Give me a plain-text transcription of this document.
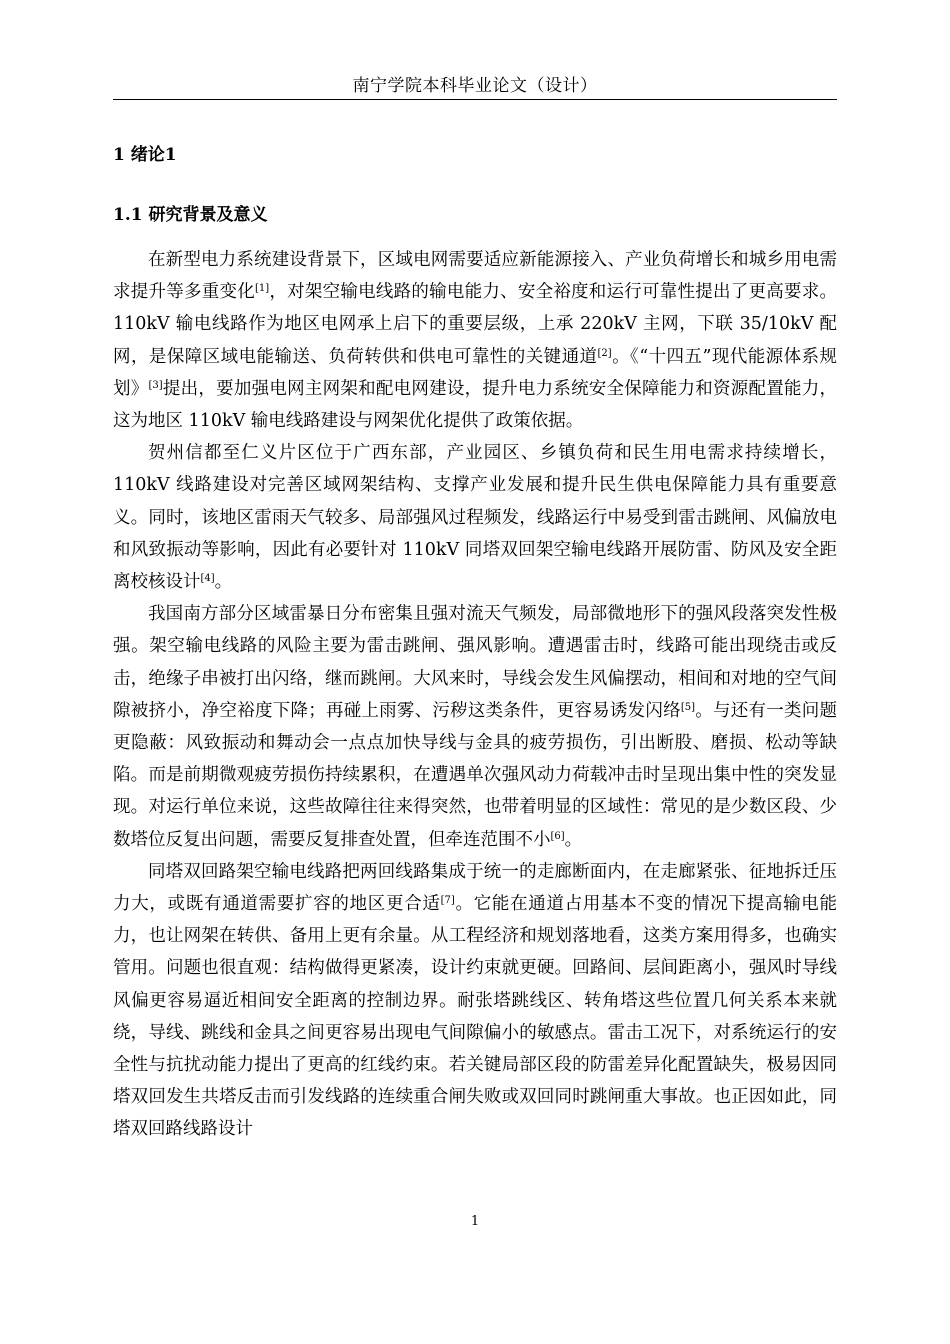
南宁学院本科毕业论文（设计）
1 绪论1
1.1 研究背景及意义

在新型电力系统建设背景下，区域电网需要适应新能源接入、产业负荷增长和城乡用电需求提升等多重变化[1]，对架空输电线路的输电能力、安全裕度和运行可靠性提出了更高要求。110kV 输电线路作为地区电网承上启下的重要层级，上承 220kV 主网，下联 35/10kV 配网，是保障区域电能输送、负荷转供和供电可靠性的关键通道[2]。《“十四五”现代能源体系规划》[3]提出，要加强电网主网架和配电网建设，提升电力系统安全保障能力和资源配置能力，这为地区 110kV 输电线路建设与网架优化提供了政策依据。

贺州信都至仁义片区位于广西东部，产业园区、乡镇负荷和民生用电需求持续增长，110kV 线路建设对完善区域网架结构、支撑产业发展和提升民生供电保障能力具有重要意义。同时，该地区雷雨天气较多、局部强风过程频发，线路运行中易受到雷击跳闸、风偏放电和风致振动等影响，因此有必要针对 110kV 同塔双回架空输电线路开展防雷、防风及安全距离校核设计[4]。

我国南方部分区域雷暴日分布密集且强对流天气频发，局部微地形下的强风段落突发性极强。架空输电线路的风险主要为雷击跳闸、强风影响。遭遇雷击时，线路可能出现绕击或反击，绝缘子串被打出闪络，继而跳闸。大风来时，导线会发生风偏摆动，相间和对地的空气间隙被挤小，净空裕度下降；再碰上雨雾、污秽这类条件，更容易诱发闪络[5]。与还有一类问题更隐蔽：风致振动和舞动会一点点加快导线与金具的疲劳损伤，引出断股、磨损、松动等缺陷。而是前期微观疲劳损伤持续累积，在遭遇单次强风动力荷载冲击时呈现出集中性的突发显现。对运行单位来说，这些故障往往来得突然，也带着明显的区域性：常见的是少数区段、少数塔位反复出问题，需要反复排查处置，但牵连范围不小[6]。

同塔双回路架空输电线路把两回线路集成于统一的走廊断面内，在走廊紧张、征地拆迁压力大，或既有通道需要扩容的地区更合适[7]。它能在通道占用基本不变的情况下提高输电能力，也让网架在转供、备用上更有余量。从工程经济和规划落地看，这类方案用得多，也确实管用。问题也很直观：结构做得更紧凑，设计约束就更硬。回路间、层间距离小，强风时导线风偏更容易逼近相间安全距离的控制边界。耐张塔跳线区、转角塔这些位置几何关系本来就绕，导线、跳线和金具之间更容易出现电气间隙偏小的敏感点。雷击工况下，对系统运行的安全性与抗扰动能力提出了更高的红线约束。若关键局部区段的防雷差异化配置缺失，极易因同塔双回发生共塔反击而引发线路的连续重合闸失败或双回同时跳闸重大事故。也正因如此，同塔双回路线路设计

1
